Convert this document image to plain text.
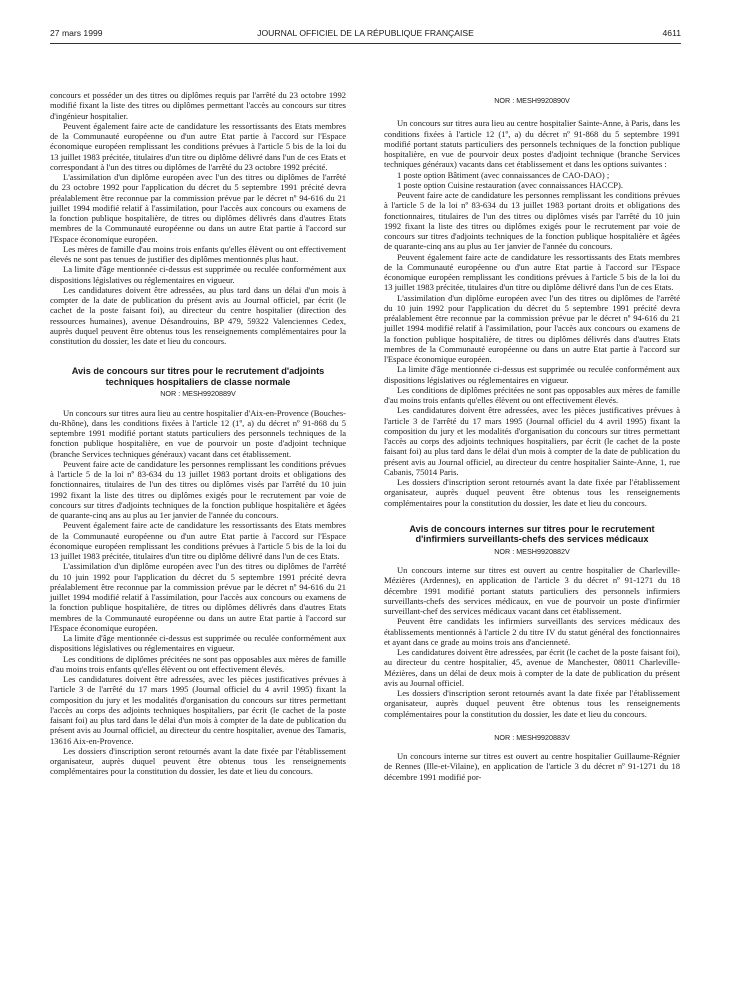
27 mars 1999	JOURNAL OFFICIEL DE LA RÉPUBLIQUE FRANÇAISE	4611

concours et posséder un des titres ou diplômes requis par l'arrêté du 23 octobre 1992 modifié fixant la liste des titres ou diplômes permettant l'accès au concours sur titres d'ingénieur hospitalier.

Peuvent également faire acte de candidature les ressortissants des Etats membres de la Communauté européenne ou d'un autre Etat partie à l'accord sur l'Espace économique européen remplissant les conditions prévues à l'article 5 bis de la loi du 13 juillet 1983 précitée, titulaires d'un titre ou diplôme délivré dans l'un de ces Etats et correspondant à l'un des titres ou diplômes de l'arrêté du 23 octobre 1992 précité.

L'assimilation d'un diplôme européen avec l'un des titres ou diplômes de l'arrêté du 23 octobre 1992 pour l'application du décret du 5 septembre 1991 précité devra préalablement être reconnue par la commission prévue par le décret nº 94-616 du 21 juillet 1994 modifié relatif à l'assimilation, pour l'accès aux concours ou examens de la fonction publique hospitalière, de titres ou diplômes délivrés dans d'autres Etats membres de la Communauté européenne ou dans un autre Etat partie à l'accord sur l'Espace économique européen.

Les mères de famille d'au moins trois enfants qu'elles élèvent ou ont effectivement élevés ne sont pas tenues de justifier des diplômes mentionnés plus haut.

La limite d'âge mentionnée ci-dessus est supprimée ou reculée conformément aux dispositions législatives ou réglementaires en vigueur.

Les candidatures doivent être adressées, au plus tard dans un délai d'un mois à compter de la date de publication du présent avis au Journal officiel, par écrit (le cachet de la poste faisant foi), au directeur du centre hospitalier (direction des ressources humaines), avenue Désandrouins, BP 479, 59322 Valenciennes Cedex, auprès duquel peuvent être obtenus tous les renseignements complémentaires pour la constitution du dossier, les date et lieu du concours.

Avis de concours sur titres pour le recrutement d'adjoints techniques hospitaliers de classe normale

NOR : MESH9920889V

Un concours sur titres aura lieu au centre hospitalier d'Aix-en-Provence (Bouches-du-Rhône), dans les conditions fixées à l'article 12 (1º, a) du décret nº 91-868 du 5 septembre 1991 modifié portant statuts particuliers des personnels techniques de la fonction publique hospitalière, en vue de pourvoir un poste d'adjoint technique (branche Services techniques généraux) vacant dans cet établissement.

Peuvent faire acte de candidature les personnes remplissant les conditions prévues à l'article 5 de la loi nº 83-634 du 13 juillet 1983 portant droits et obligations des fonctionnaires, titulaires de l'un des titres ou diplômes visés par l'arrêté du 10 juin 1992 fixant la liste des titres ou diplômes exigés pour le recrutement par voie de concours sur titres d'adjoints techniques de la fonction publique hospitalière et âgées de quarante-cinq ans au plus au 1er janvier de l'année du concours.

Peuvent également faire acte de candidature les ressortissants des Etats membres de la Communauté européenne ou d'un autre Etat partie à l'accord sur l'Espace économique européen remplissant les conditions prévues à l'article 5 bis de la loi du 13 juillet 1983 précitée, titulaires d'un titre ou diplôme délivré dans l'un de ces Etats.

L'assimilation d'un diplôme européen avec l'un des titres ou diplômes de l'arrêté du 10 juin 1992 pour l'application du décret du 5 septembre 1991 précité devra préalablement être reconnue par la commission prévue par le décret nº 94-616 du 21 juillet 1994 modifié relatif à l'assimilation, pour l'accès aux concours ou examens de la fonction publique hospitalière, de titres ou diplômes délivrés dans d'autres Etats membres de la Communauté européenne ou dans un autre Etat partie à l'accord sur l'Espace économique européen.

La limite d'âge mentionnée ci-dessus est supprimée ou reculée conformément aux dispositions législatives ou réglementaires en vigueur.

Les conditions de diplômes précitées ne sont pas opposables aux mères de famille d'au moins trois enfants qu'elles élèvent ou ont effectivement élevés.

Les candidatures doivent être adressées, avec les pièces justificatives prévues à l'article 3 de l'arrêté du 17 mars 1995 (Journal officiel du 4 avril 1995) fixant la composition du jury et les modalités d'organisation du concours sur titres permettant l'accès au corps des adjoints techniques hospitaliers, par écrit (le cachet de la poste faisant foi) au plus tard dans le délai d'un mois à compter de la date de publication du présent avis au Journal officiel, au directeur du centre hospitalier, avenue des Tamaris, 13616 Aix-en-Provence.

Les dossiers d'inscription seront retournés avant la date fixée par l'établissement organisateur, auprès duquel peuvent être obtenus tous les renseignements complémentaires pour la constitution du dossier, les date et lieu du concours.

NOR : MESH9920890V

Un concours sur titres aura lieu au centre hospitalier Sainte-Anne, à Paris, dans les conditions fixées à l'article 12 (1º, a) du décret nº 91-868 du 5 septembre 1991 modifié portant statuts particuliers des personnels techniques de la fonction publique hospitalière, en vue de pourvoir deux postes d'adjoint technique (branche Services techniques généraux) vacants dans cet établissement et dans les options suivantes :

1 poste option Bâtiment (avec connaissances de CAO-DAO) ;

1 poste option Cuisine restauration (avec connaissances HACCP).

Peuvent faire acte de candidature les personnes remplissant les conditions prévues à l'article 5 de la loi nº 83-634 du 13 juillet 1983 portant droits et obligations des fonctionnaires, titulaires de l'un des titres ou diplômes visés par l'arrêté du 10 juin 1992 fixant la liste des titres ou diplômes exigés pour le recrutement par voie de concours sur titres d'adjoints techniques de la fonction publique hospitalière et âgées de quarante-cinq ans au plus au 1er janvier de l'année du concours.

Peuvent également faire acte de candidature les ressortissants des Etats membres de la Communauté européenne ou d'un autre Etat partie à l'accord sur l'Espace économique européen remplissant les conditions prévues à l'article 5 bis de la loi du 13 juillet 1983 précitée, titulaires d'un titre ou diplôme délivré dans l'un de ces Etats.

L'assimilation d'un diplôme européen avec l'un des titres ou diplômes de l'arrêté du 10 juin 1992 pour l'application du décret du 5 septembre 1991 précité devra préalablement être reconnue par la commission prévue par le décret nº 94-616 du 21 juillet 1994 modifié relatif à l'assimilation, pour l'accès aux concours ou examens de la fonction publique hospitalière, de titres ou diplômes délivrés dans d'autres Etats membres de la Communauté européenne ou dans un autre Etat partie à l'accord sur l'Espace économique européen.

La limite d'âge mentionnée ci-dessus est supprimée ou reculée conformément aux dispositions législatives ou réglementaires en vigueur.

Les conditions de diplômes précitées ne sont pas opposables aux mères de famille d'au moins trois enfants qu'elles élèvent ou ont effectivement élevés.

Les candidatures doivent être adressées, avec les pièces justificatives prévues à l'article 3 de l'arrêté du 17 mars 1995 (Journal officiel du 4 avril 1995) fixant la composition du jury et les modalités d'organisation du concours sur titres permettant l'accès au corps des adjoints techniques hospitaliers, par écrit (le cachet de la poste faisant foi) au plus tard dans le délai d'un mois à compter de la date de publication du présent avis au Journal officiel, au directeur du centre hospitalier Sainte-Anne, 1, rue Cabanis, 75014 Paris.

Les dossiers d'inscription seront retournés avant la date fixée par l'établissement organisateur, auprès duquel peuvent être obtenus tous les renseignements complémentaires pour la constitution du dossier, les date et lieu du concours.

Avis de concours internes sur titres pour le recrutement d'infirmiers surveillants-chefs des services médicaux

NOR : MESH9920882V

Un concours interne sur titres est ouvert au centre hospitalier de Charleville-Mézières (Ardennes), en application de l'article 3 du décret nº 91-1271 du 18 décembre 1991 modifié portant statuts particuliers des personnels infirmiers surveillants-chefs des services médicaux, en vue de pourvoir un poste d'infirmier surveillant-chef des services médicaux vacant dans cet établissement.

Peuvent être candidats les infirmiers surveillants des services médicaux des établissements mentionnés à l'article 2 du titre IV du statut général des fonctionnaires et ayant dans ce grade au moins trois ans d'ancienneté.

Les candidatures doivent être adressées, par écrit (le cachet de la poste faisant foi), au directeur du centre hospitalier, 45, avenue de Manchester, 08011 Charleville-Mézières, dans un délai de deux mois à compter de la date de publication du présent avis au Journal officiel.

Les dossiers d'inscription seront retournés avant la date fixée par l'établissement organisateur, auprès duquel peuvent être obtenus tous les renseignements complémentaires pour la constitution du dossier, les date et lieu du concours.

NOR : MESH9920883V

Un concours interne sur titres est ouvert au centre hospitalier Guillaume-Régnier de Rennes (Ille-et-Vilaine), en application de l'article 3 du décret nº 91-1271 du 18 décembre 1991 modifié por-
